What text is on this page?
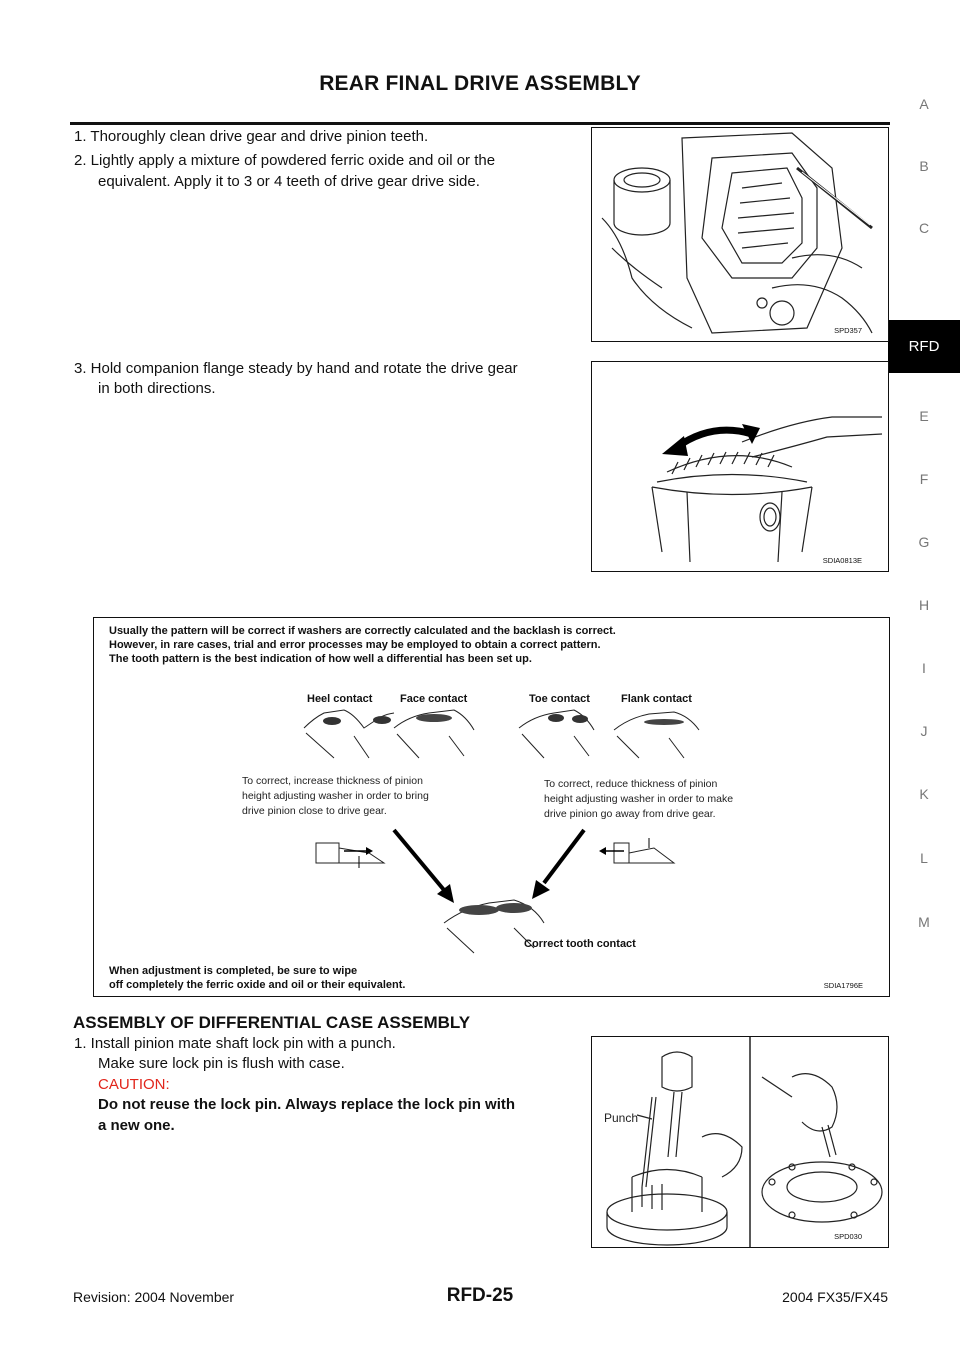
REAR FINAL DRIVE ASSEMBLY
A
B
C
RFD
E
F
G
H
I
J
K
L
M
1. Thoroughly clean drive gear and drive pinion teeth.
2. Lightly apply a mixture of powdered ferric oxide and oil or the
equivalent. Apply it to 3 or 4 teeth of drive gear drive side.
SPD357
3. Hold companion flange steady by hand and rotate the drive gear
in both directions.
SDIA0813E
Usually the pattern will be correct if washers are correctly calculated and the backlash is correct.
However, in rare cases, trial and error processes may be employed to obtain a correct pattern.
The tooth pattern is the best indication of how well a differential has been set up.
Heel contact	Face contact	Toe contact	Flank contact
To correct, increase thickness of pinion
height adjusting washer in order to bring
drive pinion close to drive gear.
To correct, reduce thickness of pinion
height adjusting washer in order to make
drive pinion go away from drive gear.
Correct tooth contact
When adjustment is completed, be sure to wipe
off completely the ferric oxide and oil or their equivalent.	SDIA1796E
ASSEMBLY OF DIFFERENTIAL CASE ASSEMBLY
1. Install pinion mate shaft lock pin with a punch.
Make sure lock pin is flush with case.
CAUTION:
Do not reuse the lock pin. Always replace the lock pin with
a new one.	Punch
SPD030
Revision: 2004 November	RFD-25	2004 FX35/FX45
